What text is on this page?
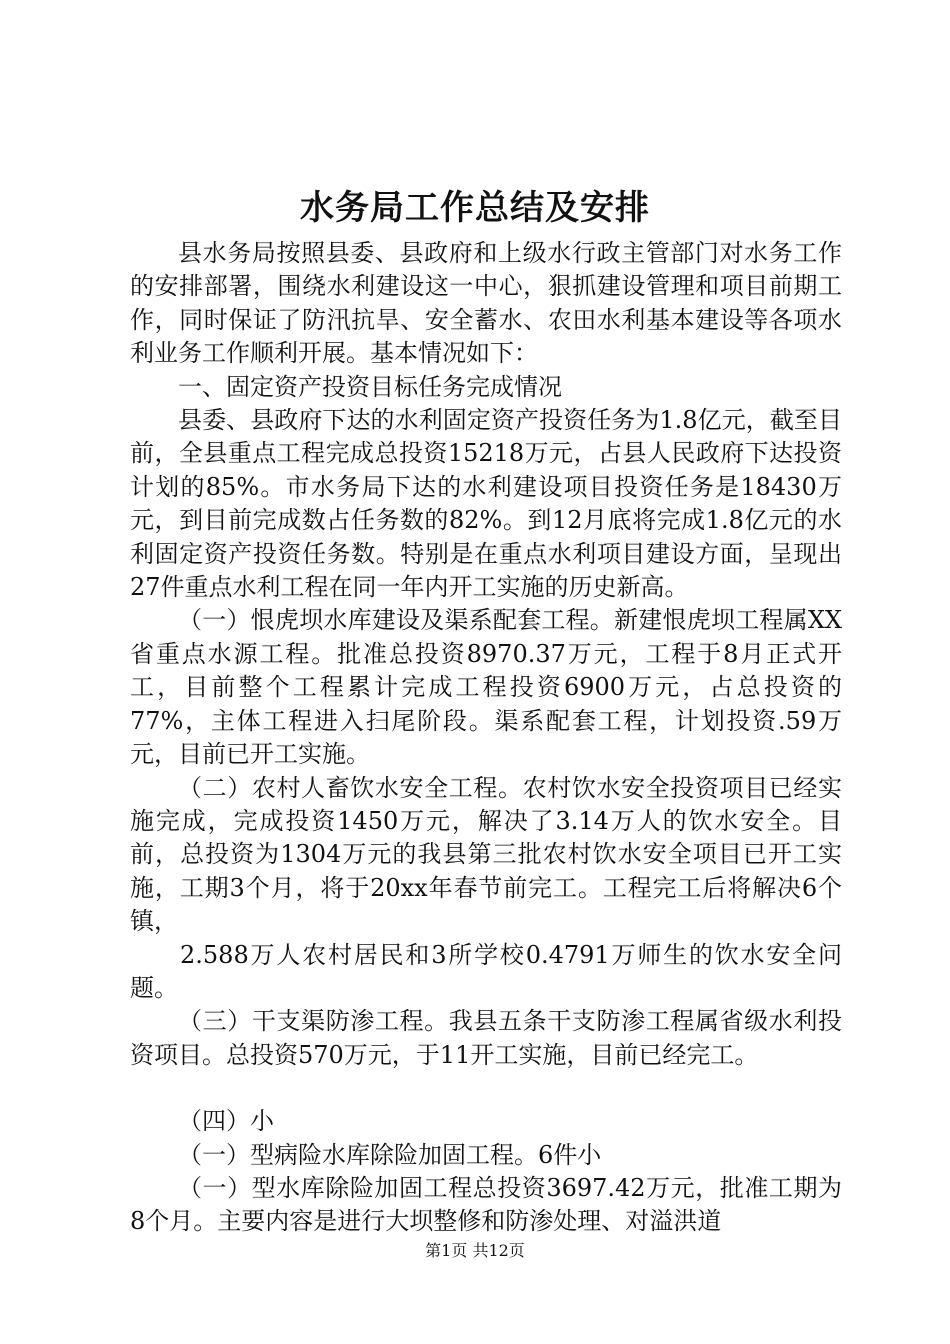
水务局工作总结及安排

县水务局按照县委、县政府和上级水行政主管部门对水务工作的安排部署，围绕水利建设这一中心，狠抓建设管理和项目前期工作，同时保证了防汛抗旱、安全蓄水、农田水利基本建设等各项水利业务工作顺利开展。基本情况如下：

一、固定资产投资目标任务完成情况

县委、县政府下达的水利固定资产投资任务为1.8亿元，截至目前，全县重点工程完成总投资15218万元，占县人民政府下达投资计划的85%。市水务局下达的水利建设项目投资任务是18430万元，到目前完成数占任务数的82%。到12月底将完成1.8亿元的水利固定资产投资任务数。特别是在重点水利项目建设方面，呈现出27件重点水利工程在同一年内开工实施的历史新高。

（一）恨虎坝水库建设及渠系配套工程。新建恨虎坝工程属XX省重点水源工程。批准总投资8970.37万元，工程于8月正式开工，目前整个工程累计完成工程投资6900万元，占总投资的77%，主体工程进入扫尾阶段。渠系配套工程，计划投资.59万元，目前已开工实施。

（二）农村人畜饮水安全工程。农村饮水安全投资项目已经实施完成，完成投资1450万元，解决了3.14万人的饮水安全。目前，总投资为1304万元的我县第三批农村饮水安全项目已开工实施，工期3个月，将于20xx年春节前完工。工程完工后将解决6个镇，

2.588万人农村居民和3所学校0.4791万师生的饮水安全问题。

（三）干支渠防渗工程。我县五条干支防渗工程属省级水利投资项目。总投资570万元，于11开工实施，目前已经完工。

（四）小

（一）型病险水库除险加固工程。6件小

（一）型水库除险加固工程总投资3697.42万元，批准工期为8个月。主要内容是进行大坝整修和防渗处理、对溢洪道

第1页 共12页
